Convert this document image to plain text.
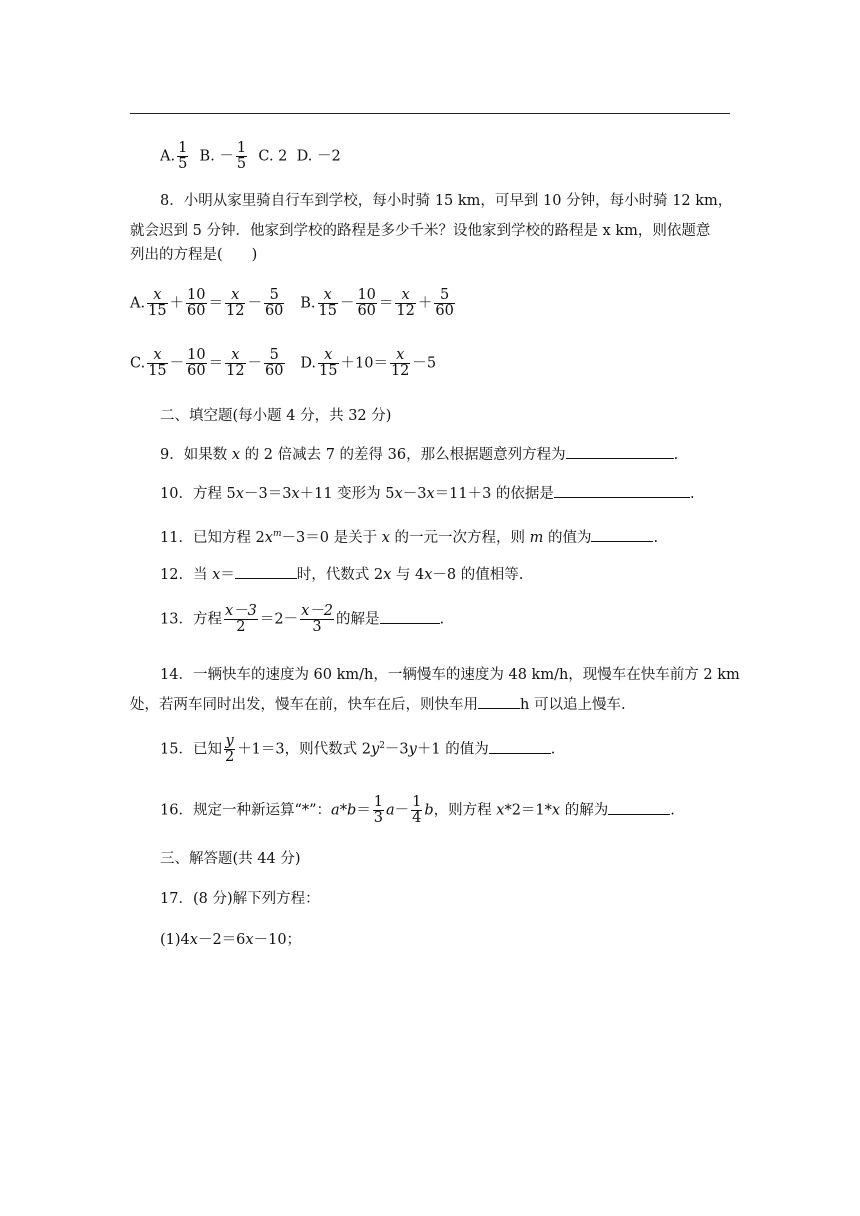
A. $\frac{1}{5} B$. － $\frac{1}{5} C$. 2 D. －2
8．小明从家里骑自行车到学校，每小时骑 15 km，可早到 10 分钟，每小时骑 12 km，
就会迟到 5 分钟．他家到学校的路程是多少千米？设他家到学校的路程是 x km，则依题意
列出的方程是(　　)
A. $\frac{x}{15} + \frac{10}{60} = \frac{x}{12} - \frac{5}{60} B$. $\frac{x}{15} - \frac{10}{60} = \frac{x}{12} + \frac{5}{60}$
C. $\frac{x}{15} - \frac{10}{60} = \frac{x}{12} - \frac{5}{60} D$. $\frac{x}{15} +10= \frac{x}{12} -5$
二、填空题(每小题 4 分，共 32 分)
9．如果数 x 的 2 倍减去 7 的差得 36，那么根据题意列方程为	.
10．方程 5x－3＝3x＋11 变形为 5x－3x＝11＋3 的依据是	.
11．已知方程 $2x^m-3=0$ 是关于 x 的一元一次方程，则 m 的值为	.
12．当 x＝	时，代数式 2x 与 4x－8 的值相等.
13．方程 $\frac{x-3}{2} =2- \frac{x-2}{3}$ 的解是	.
14．一辆快车的速度为 60 km/h，一辆慢车的速度为 48 km/h，现慢车在快车前方 2 km
处，若两车同时出发，慢车在前，快车在后，则快车用	h 可以追上慢车.
15．已知 $\frac{y}{2} +1=3$，则代数式 $2y^2-3y+1$ 的值为	.
16．规定一种新运算“*”：$a*b= \frac{1}{3} a- \frac{1}{4}$ b，则方程 x*2＝1*x 的解为	.
三、解答题(共 44 分)
17．(8 分)解下列方程：
(1)4x－2＝6x－10；
